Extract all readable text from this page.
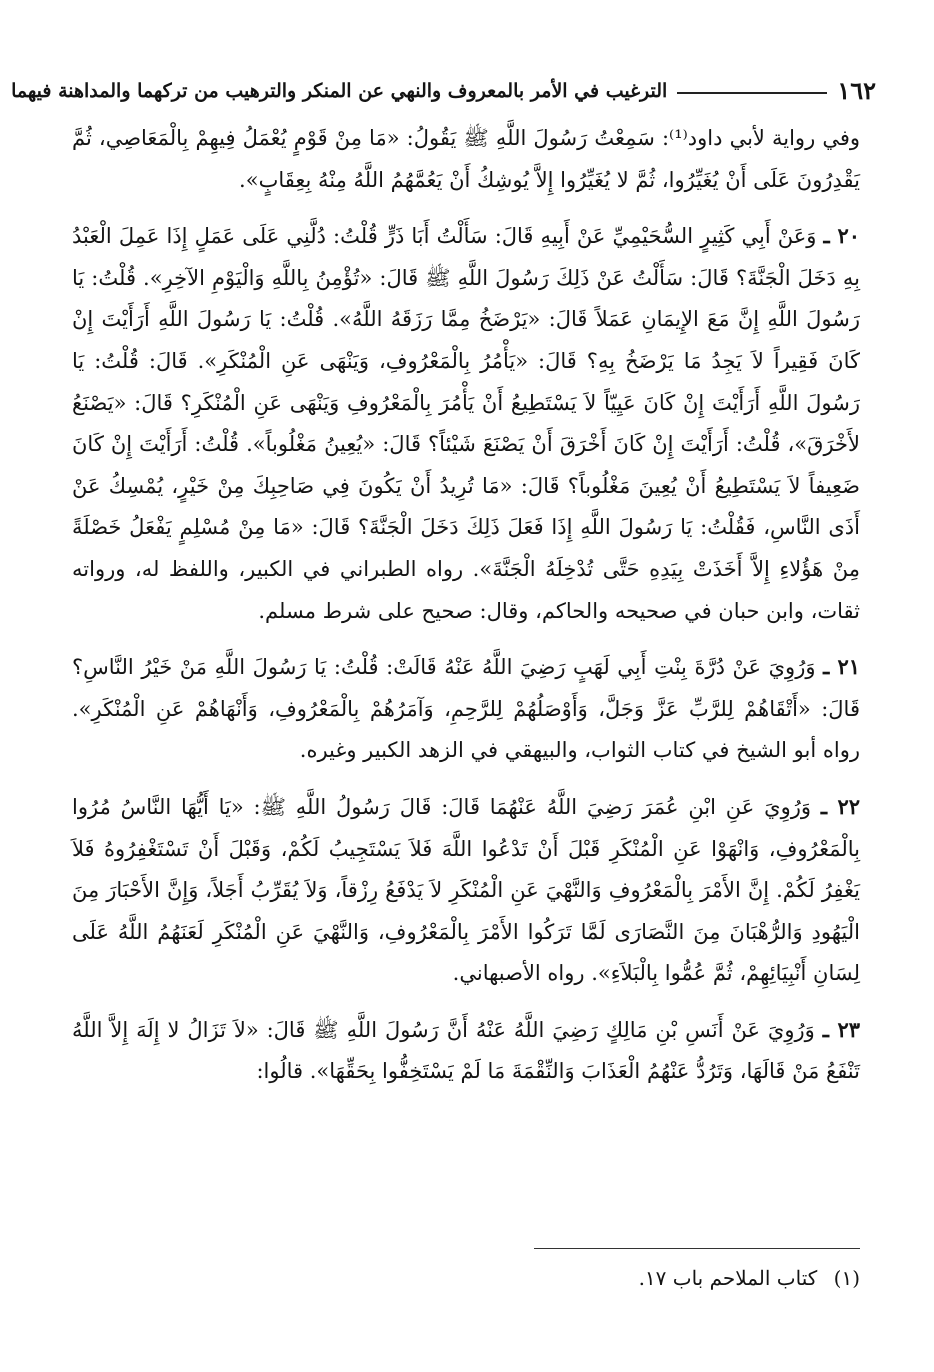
١٦٢
الترغيب في الأمر بالمعروف والنهي عن المنكر والترهيب من تركهما والمداهنة فيهما

وفي رواية لأبي داود⁽¹⁾: سَمِعْتُ رَسُولَ اللَّهِ ﷺ يَقُولُ: «مَا مِنْ قَوْمٍ يُعْمَلُ فِيهِمْ بِالْمَعَاصِي، ثُمَّ يَقْدِرُونَ عَلَى أَنْ يُغَيِّرُوا، ثُمَّ لا يُغَيِّرُوا إِلاَّ يُوشِكُ أَنْ يَعُمَّهُمُ اللَّهُ مِنْهُ بِعِقَابٍ».

٢٠ ـ وَعَنْ أَبِي كَثِيرٍ السُّحَيْمِيِّ عَنْ أَبِيهِ قَالَ: سَأَلْتُ أَبَا ذَرٍّ قُلْتُ: دُلَّنِي عَلَى عَمَلٍ إِذَا عَمِلَ الْعَبْدُ بِهِ دَخَلَ الْجَنَّةَ؟ قَالَ: سَأَلْتُ عَنْ ذَلِكَ رَسُولَ اللَّهِ ﷺ قَالَ: «تُؤْمِنُ بِاللَّهِ وَالْيَوْمِ الآخِرِ». قُلْتُ: يَا رَسُولَ اللَّهِ إِنَّ مَعَ الإِيمَانِ عَمَلاً قَالَ: «يَرْضَخُ مِمَّا رَزَقَهُ اللَّهُ». قُلْتُ: يَا رَسُولَ اللَّهِ أَرَأَيْتَ إِنْ كَانَ فَقِيراً لاَ يَجِدُ مَا يَرْضَخُ بِهِ؟ قَالَ: «يَأْمُرُ بِالْمَعْرُوفِ، وَيَنْهَى عَنِ الْمُنْكَرِ». قَالَ: قُلْتُ: يَا رَسُولَ اللَّهِ أَرَأَيْتَ إِنْ كَانَ عَيِيّاً لاَ يَسْتَطِيعُ أَنْ يَأْمُرَ بِالْمَعْرُوفِ وَيَنْهَى عَنِ الْمُنْكَرِ؟ قَالَ: «يَصْنَعُ لأَخْرَقَ»، قُلْتُ: أَرَأَيْتَ إِنْ كَانَ أَخْرَقَ أَنْ يَصْنَعَ شَيْئاً؟ قَالَ: «يُعِينُ مَغْلُوباً». قُلْتُ: أَرَأَيْتَ إِنْ كَانَ ضَعِيفاً لاَ يَسْتَطِيعُ أَنْ يُعِينَ مَغْلُوباً؟ قَالَ: «مَا تُرِيدُ أَنْ يَكُونَ فِي صَاحِبِكَ مِنْ خَيْرٍ، يُمْسِكُ عَنْ أَذَى النَّاسِ، فَقُلْتُ: يَا رَسُولَ اللَّهِ إِذَا فَعَلَ ذَلِكَ دَخَلَ الْجَنَّةَ؟ قَالَ: «مَا مِنْ مُسْلِمٍ يَفْعَلُ خَصْلَةً مِنْ هَؤُلاءِ إِلاَّ أَخَذَتْ بِيَدِهِ حَتَّى تُدْخِلَهُ الْجَنَّةَ». رواه الطبراني في الكبير، واللفظ له، ورواته ثقات، وابن حبان في صحيحه والحاكم، وقال: صحيح على شرط مسلم.

٢١ ـ وَرُوِيَ عَنْ دُرَّةَ بِنْتِ أَبِي لَهَبٍ رَضِيَ اللَّهُ عَنْهُ قَالَتْ: قُلْتُ: يَا رَسُولَ اللَّهِ مَنْ خَيْرُ النَّاسِ؟ قَالَ: «أَتْقَاهُمْ لِلرَّبِّ عَزَّ وَجَلَّ، وَأَوْصَلُهُمْ لِلرَّحِمِ، وَآمَرُهُمْ بِالْمَعْرُوفِ، وَأَنْهَاهُمْ عَنِ الْمُنْكَرِ». رواه أبو الشيخ في كتاب الثواب، والبيهقي في الزهد الكبير وغيره.

٢٢ ـ وَرُوِيَ عَنِ ابْنِ عُمَرَ رَضِيَ اللَّهُ عَنْهُمَا قَالَ: قَالَ رَسُولُ اللَّهِ ﷺ: «يَا أَيُّهَا النَّاسُ مُرُوا بِالْمَعْرُوفِ، وَانْهَوْا عَنِ الْمُنْكَرِ قَبْلَ أَنْ تَدْعُوا اللَّهَ فَلاَ يَسْتَجِيبُ لَكُمْ، وَقَبْلَ أَنْ تَسْتَغْفِرُوهُ فَلاَ يَغْفِرُ لَكُمْ. إِنَّ الأَمْرَ بِالْمَعْرُوفِ وَالنَّهْيَ عَنِ الْمُنْكَرِ لاَ يَدْفَعُ رِزْقاً، وَلاَ يُقَرِّبُ أَجَلاً، وَإِنَّ الأَحْبَارَ مِنَ الْيَهُودِ وَالرُّهْبَانَ مِنَ النَّصَارَى لَمَّا تَرَكُوا الأَمْرَ بِالْمَعْرُوفِ، وَالنَّهْيَ عَنِ الْمُنْكَرِ لَعَنَهُمُ اللَّهُ عَلَى لِسَانِ أَنْبِيَائِهِمْ، ثُمَّ عُمُّوا بِالْبَلاَءِ». رواه الأصبهاني.

٢٣ ـ وَرُوِيَ عَنْ أَنَسِ بْنِ مَالِكٍ رَضِيَ اللَّهُ عَنْهُ أَنَّ رَسُولَ اللَّهِ ﷺ قَالَ: «لاَ تَزَالُ لا إِلَهَ إِلاَّ اللَّهُ تَنْفَعُ مَنْ قَالَهَا، وَتَرُدُّ عَنْهُمُ الْعَذَابَ وَالنِّقْمَةَ مَا لَمْ يَسْتَخِفُّوا بِحَقِّهَا». قالُوا:

(١) كتاب الملاحم باب ١٧.
